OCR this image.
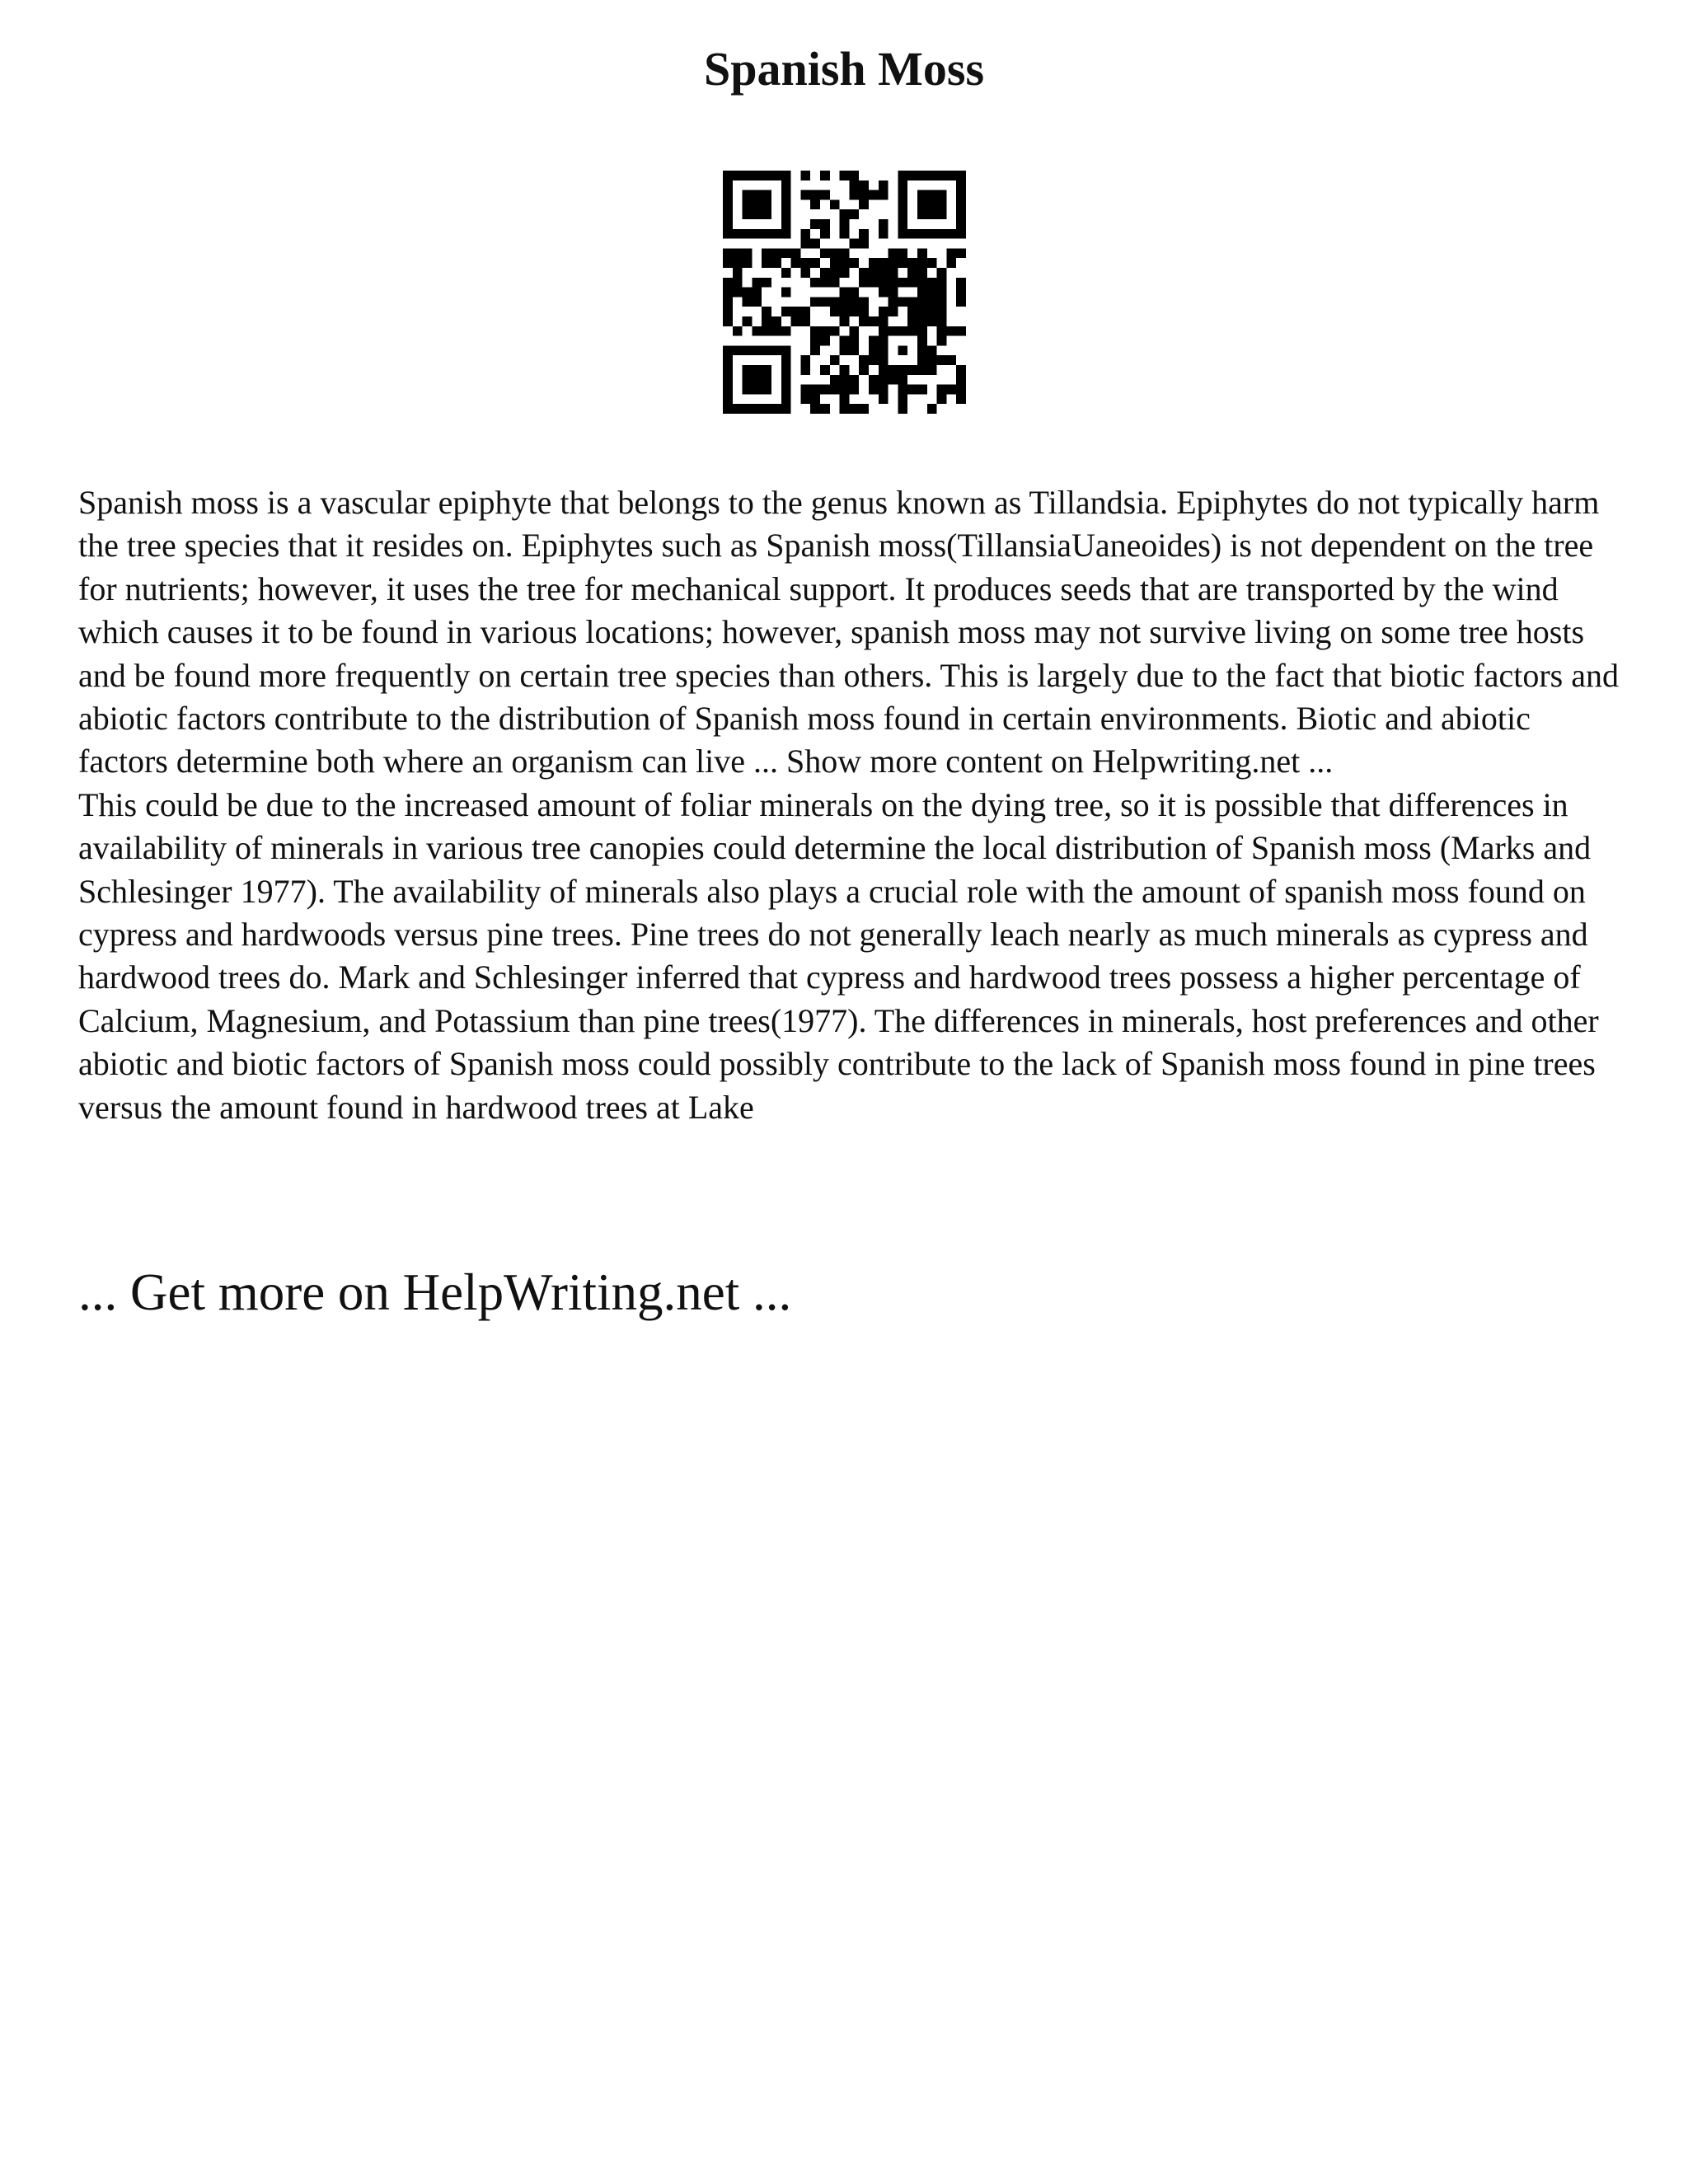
Spanish Moss

Spanish moss is a vascular epiphyte that belongs to the genus known as Tillandsia. Epiphytes do not typically harm the tree species that it resides on. Epiphytes such as Spanish moss(TillansiaUaneoides) is not dependent on the tree for nutrients; however, it uses the tree for mechanical support. It produces seeds that are transported by the wind which causes it to be found in various locations; however, spanish moss may not survive living on some tree hosts and be found more frequently on certain tree species than others. This is largely due to the fact that biotic factors and abiotic factors contribute to the distribution of Spanish moss found in certain environments. Biotic and abiotic factors determine both where an organism can live ... Show more content on Helpwriting.net ...

This could be due to the increased amount of foliar minerals on the dying tree, so it is possible that differences in availability of minerals in various tree canopies could determine the local distribution of Spanish moss (Marks and Schlesinger 1977). The availability of minerals also plays a crucial role with the amount of spanish moss found on cypress and hardwoods versus pine trees. Pine trees do not generally leach nearly as much minerals as cypress and hardwood trees do. Mark and Schlesinger inferred that cypress and hardwood trees possess a higher percentage of Calcium, Magnesium, and Potassium than pine trees(1977). The differences in minerals, host preferences and other abiotic and biotic factors of Spanish moss could possibly contribute to the lack of Spanish moss found in pine trees versus the amount found in hardwood trees at Lake

... Get more on HelpWriting.net ...
